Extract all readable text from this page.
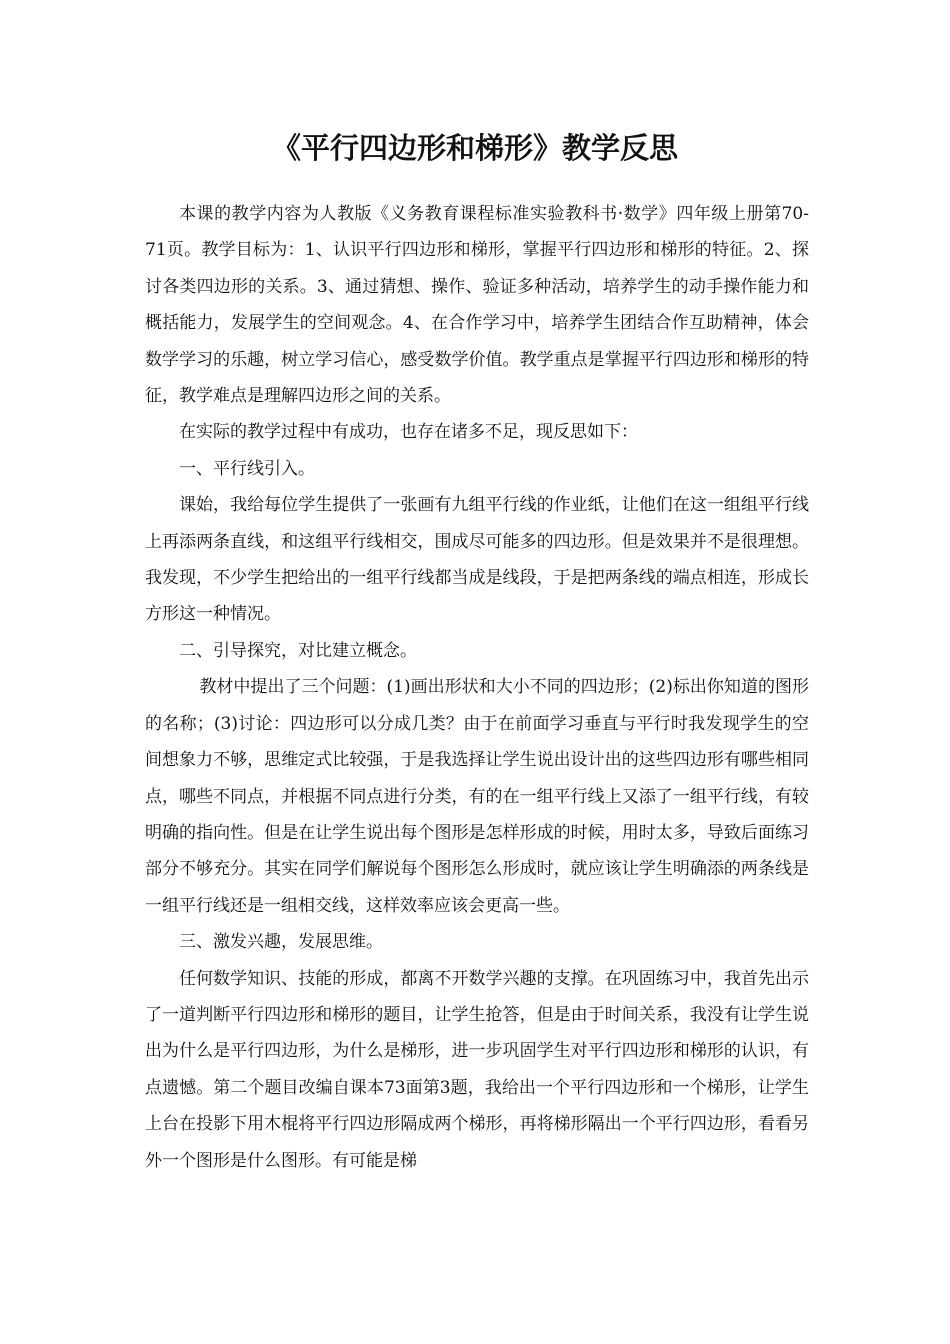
《平行四边形和梯形》教学反思

本课的教学内容为人教版《义务教育课程标准实验教科书·数学》四年级上册第70-71页。教学目标为：1、认识平行四边形和梯形，掌握平行四边形和梯形的特征。2、探讨各类四边形的关系。3、通过猜想、操作、验证多种活动，培养学生的动手操作能力和概括能力，发展学生的空间观念。4、在合作学习中，培养学生团结合作互助精神，体会数学学习的乐趣，树立学习信心，感受数学价值。教学重点是掌握平行四边形和梯形的特征，教学难点是理解四边形之间的关系。

在实际的教学过程中有成功，也存在诸多不足，现反思如下：

一、平行线引入。

课始，我给每位学生提供了一张画有九组平行线的作业纸，让他们在这一组组平行线上再添两条直线，和这组平行线相交，围成尽可能多的四边形。但是效果并不是很理想。我发现，不少学生把给出的一组平行线都当成是线段，于是把两条线的端点相连，形成长方形这一种情况。

二、引导探究，对比建立概念。

教材中提出了三个问题：(1)画出形状和大小不同的四边形；(2)标出你知道的图形的名称；(3)讨论：四边形可以分成几类？由于在前面学习垂直与平行时我发现学生的空间想象力不够，思维定式比较强，于是我选择让学生说出设计出的这些四边形有哪些相同点，哪些不同点，并根据不同点进行分类，有的在一组平行线上又添了一组平行线，有较明确的指向性。但是在让学生说出每个图形是怎样形成的时候，用时太多，导致后面练习部分不够充分。其实在同学们解说每个图形怎么形成时，就应该让学生明确添的两条线是一组平行线还是一组相交线，这样效率应该会更高一些。

三、激发兴趣，发展思维。

任何数学知识、技能的形成，都离不开数学兴趣的支撑。在巩固练习中，我首先出示了一道判断平行四边形和梯形的题目，让学生抢答，但是由于时间关系，我没有让学生说出为什么是平行四边形，为什么是梯形，进一步巩固学生对平行四边形和梯形的认识，有点遗憾。第二个题目改编自课本73面第3题，我给出一个平行四边形和一个梯形，让学生上台在投影下用木棍将平行四边形隔成两个梯形，再将梯形隔出一个平行四边形，看看另外一个图形是什么图形。有可能是梯
